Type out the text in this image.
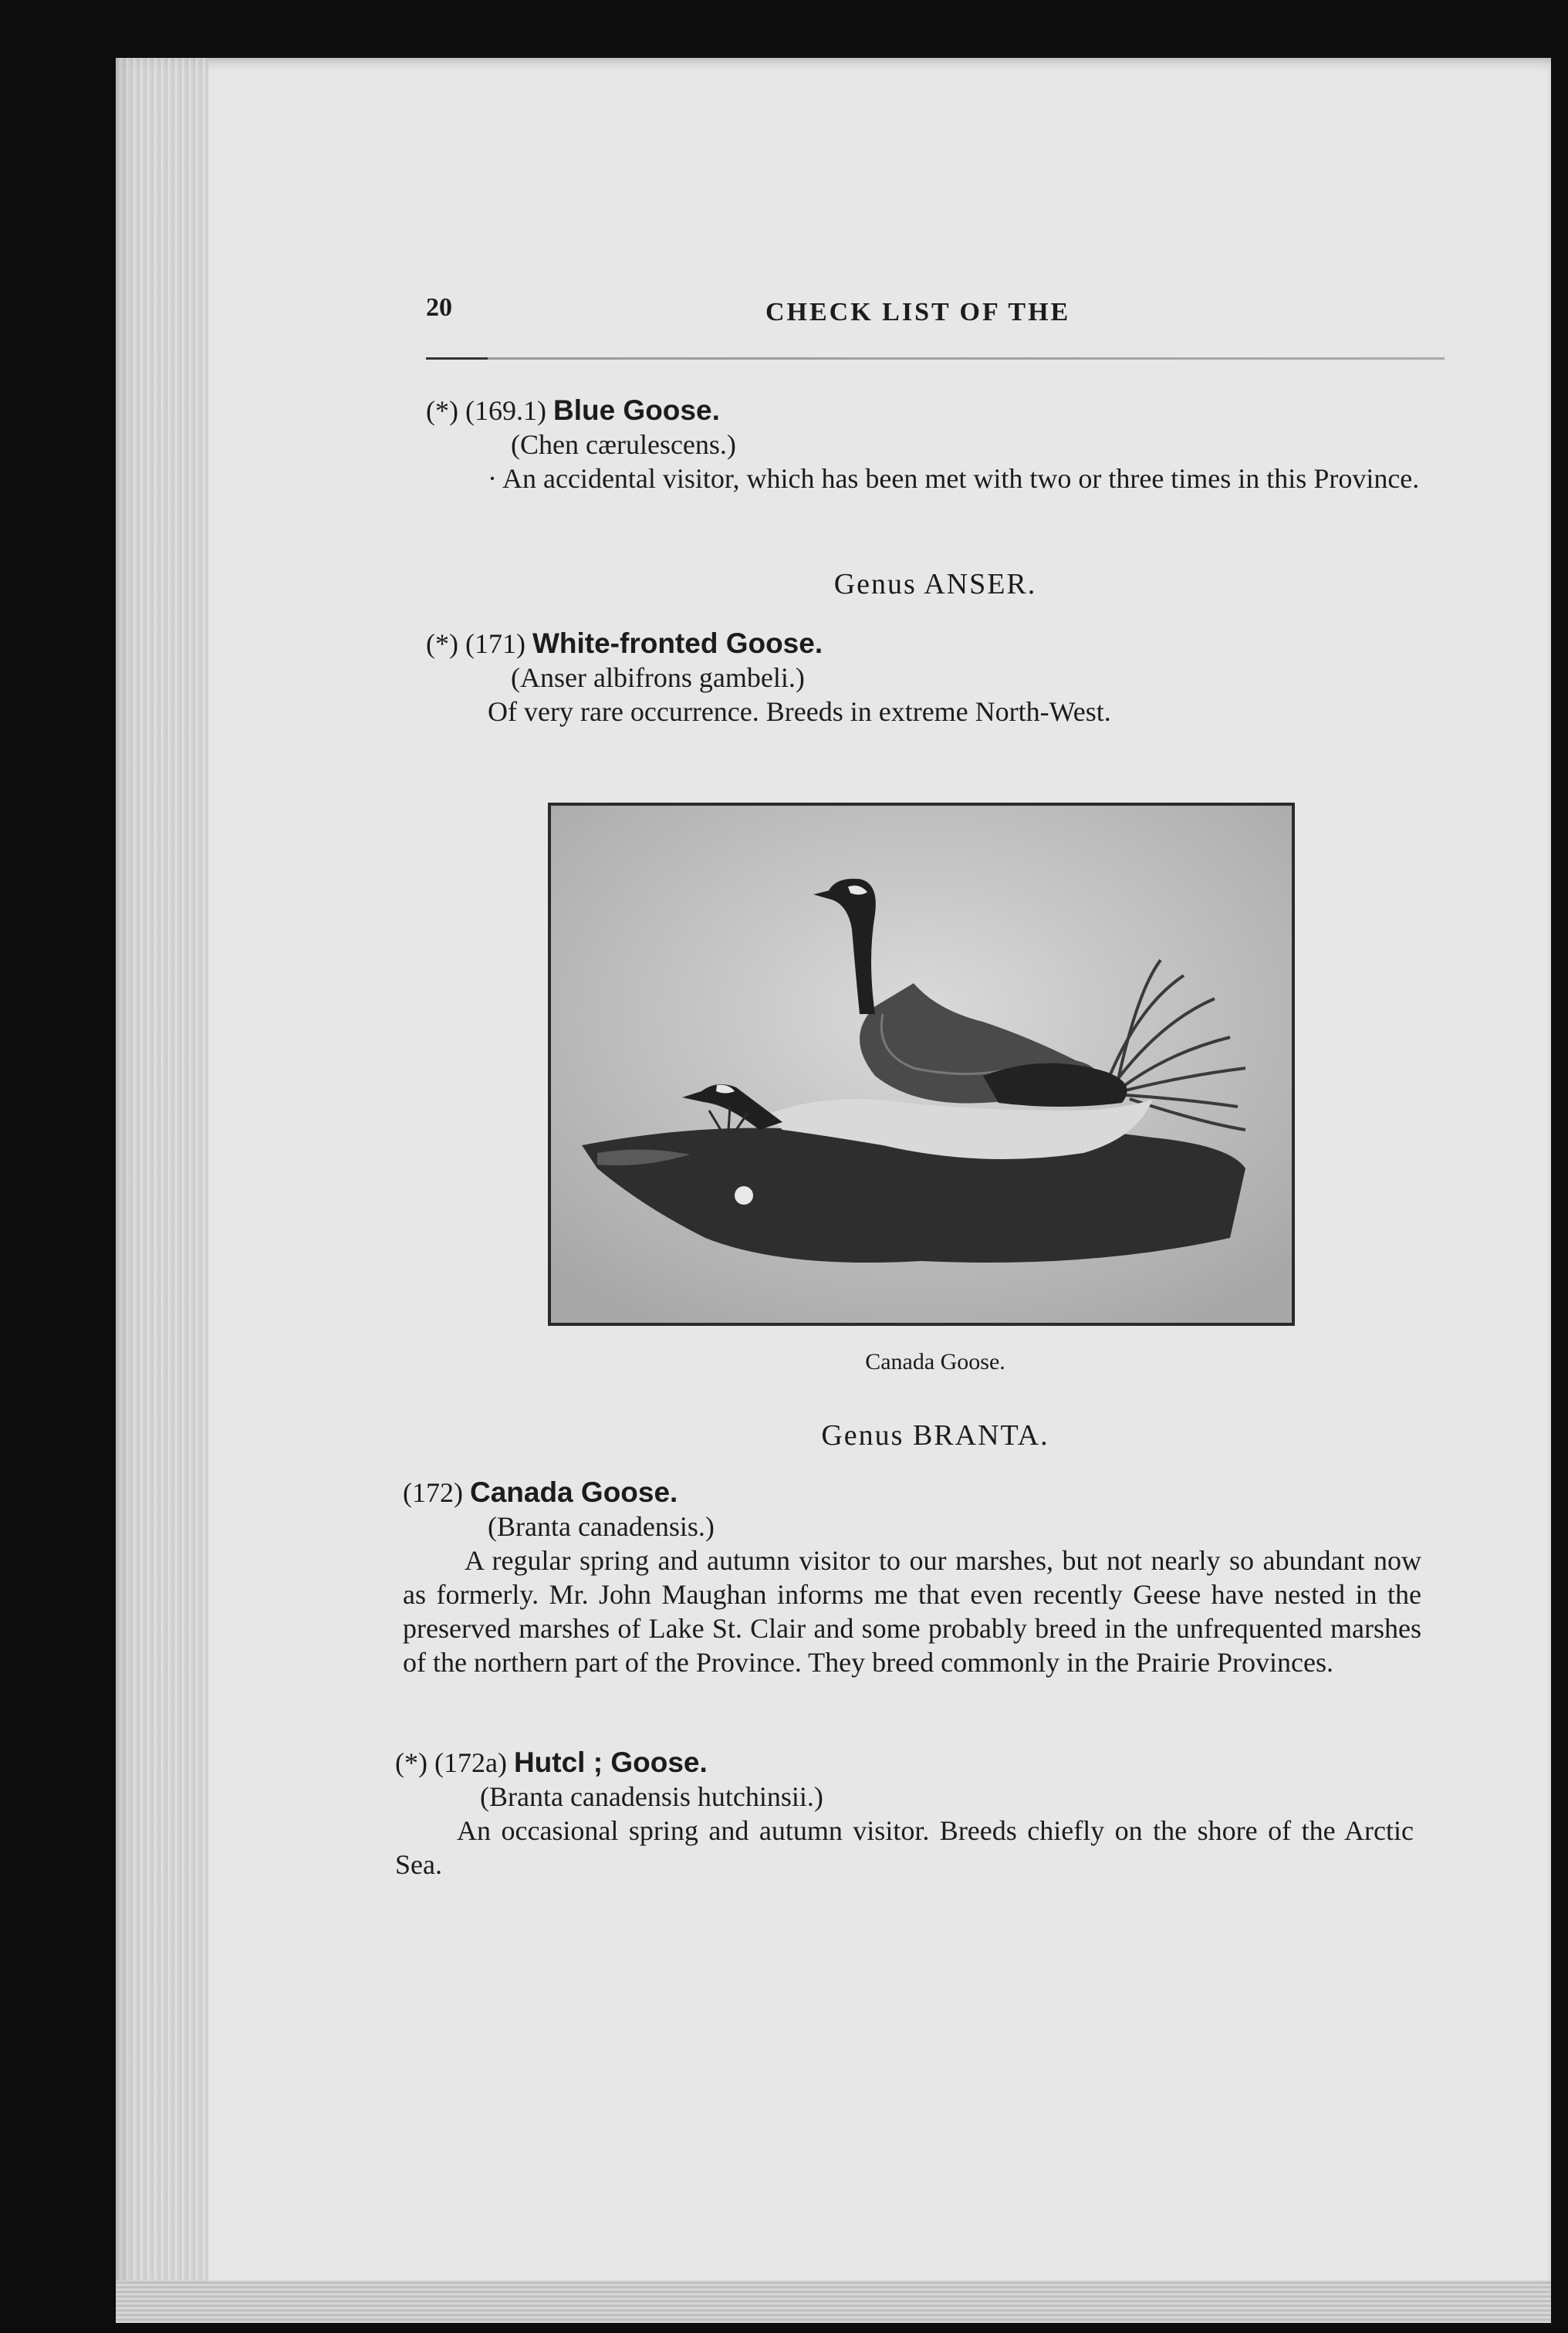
20	CHECK LIST OF THE
(*) (169.1) Blue Goose.
(Chen cærulescens.)
· An accidental visitor, which has been met with two or three times in this Province.
Genus ANSER.
(*) (171) White-fronted Goose.
(Anser albifrons gambeli.)
Of very rare occurrence. Breeds in extreme North-West.
Canada Goose.
Genus BRANTA.
(172) Canada Goose.
(Branta canadensis.)
A regular spring and autumn visitor to our marshes, but not nearly so abundant now as formerly. Mr. John Maughan informs me that even recently Geese have nested in the preserved marshes of Lake St. Clair and some probably breed in the unfrequented marshes of the northern part of the Province. They breed commonly in the Prairie Provinces.
(*) (172a) Hutcl ; Goose.
(Branta canadensis hutchinsii.)
An occasional spring and autumn visitor. Breeds chiefly on the shore of the Arctic Sea.
